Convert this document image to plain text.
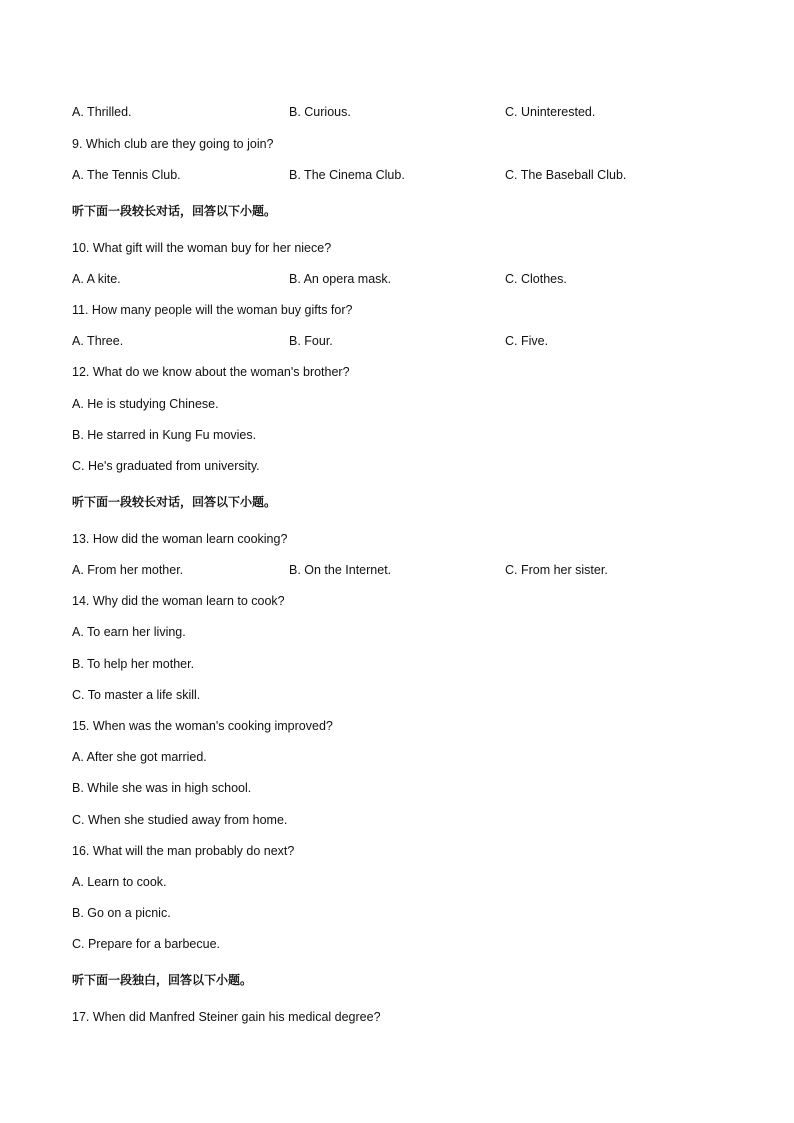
A. Thrilled.	B. Curious.	C. Uninterested.
9. Which club are they going to join?
A. The Tennis Club.	B. The Cinema Club.	C. The Baseball Club.
听下面一段较长对话，回答以下小题。
10. What gift will the woman buy for her niece?
A. A kite.	B. An opera mask.	C. Clothes.
11. How many people will the woman buy gifts for?
A. Three.	B. Four.	C. Five.
12. What do we know about the woman's brother?
A. He is studying Chinese.
B. He starred in Kung Fu movies.
C. He's graduated from university.
听下面一段较长对话，回答以下小题。
13. How did the woman learn cooking?
A. From her mother.	B. On the Internet.	C. From her sister.
14. Why did the woman learn to cook?
A. To earn her living.
B. To help her mother.
C. To master a life skill.
15. When was the woman's cooking improved?
A. After she got married.
B. While she was in high school.
C. When she studied away from home.
16. What will the man probably do next?
A. Learn to cook.
B. Go on a picnic.
C. Prepare for a barbecue.
听下面一段独白，回答以下小题。
17. When did Manfred Steiner gain his medical degree?
